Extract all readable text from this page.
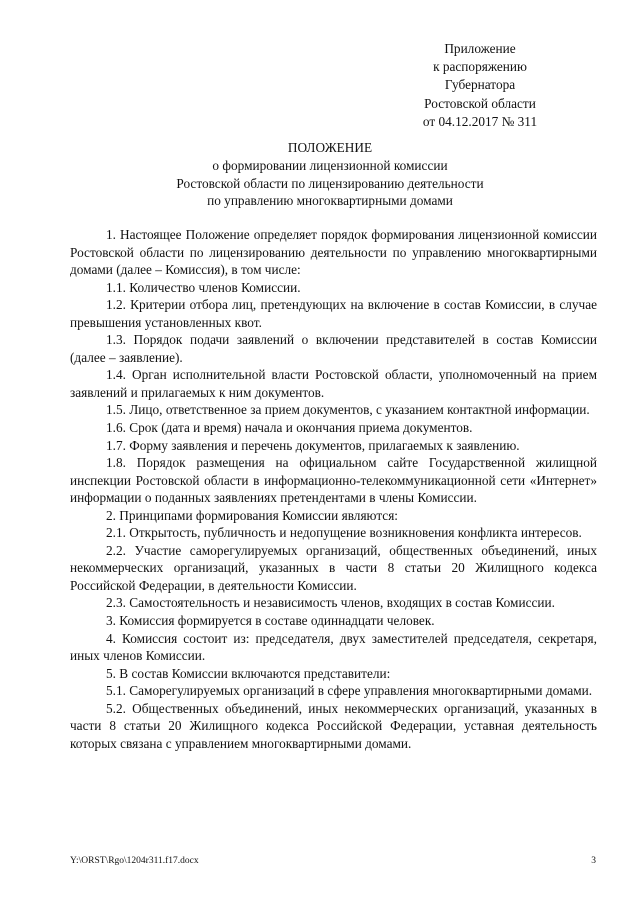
Приложение
к распоряжению
Губернатора
Ростовской области
от 04.12.2017 № 311
ПОЛОЖЕНИЕ
о формировании лицензионной комиссии
Ростовской области по лицензированию деятельности
по управлению многоквартирными домами

1. Настоящее Положение определяет порядок формирования лицензионной комиссии Ростовской области по лицензированию деятельности по управлению многоквартирными домами (далее – Комиссия), в том числе:

1.1. Количество членов Комиссии.

1.2. Критерии отбора лиц, претендующих на включение в состав Комиссии, в случае превышения установленных квот.

1.3. Порядок подачи заявлений о включении представителей в состав Комиссии (далее – заявление).

1.4. Орган исполнительной власти Ростовской области, уполномоченный на прием заявлений и прилагаемых к ним документов.

1.5. Лицо, ответственное за прием документов, с указанием контактной информации.

1.6. Срок (дата и время) начала и окончания приема документов.

1.7. Форму заявления и перечень документов, прилагаемых к заявлению.

1.8. Порядок размещения на официальном сайте Государственной жилищной инспекции Ростовской области в информационно-телекоммуникационной сети «Интернет» информации о поданных заявлениях претендентами в члены Комиссии.

2. Принципами формирования Комиссии являются:

2.1. Открытость, публичность и недопущение возникновения конфликта интересов.

2.2. Участие саморегулируемых организаций, общественных объединений, иных некоммерческих организаций, указанных в части 8 статьи 20 Жилищного кодекса Российской Федерации, в деятельности Комиссии.

2.3. Самостоятельность и независимость членов, входящих в состав Комиссии.

3. Комиссия формируется в составе одиннадцати человек.

4. Комиссия состоит из: председателя, двух заместителей председателя, секретаря, иных членов Комиссии.

5. В состав Комиссии включаются представители:

5.1. Саморегулируемых организаций в сфере управления многоквартирными домами.

5.2. Общественных объединений, иных некоммерческих организаций, указанных в части 8 статьи 20 Жилищного кодекса Российской Федерации, уставная деятельность которых связана с управлением многоквартирными домами.

Y:\ORST\Rgo\1204r311.f17.docx	3
